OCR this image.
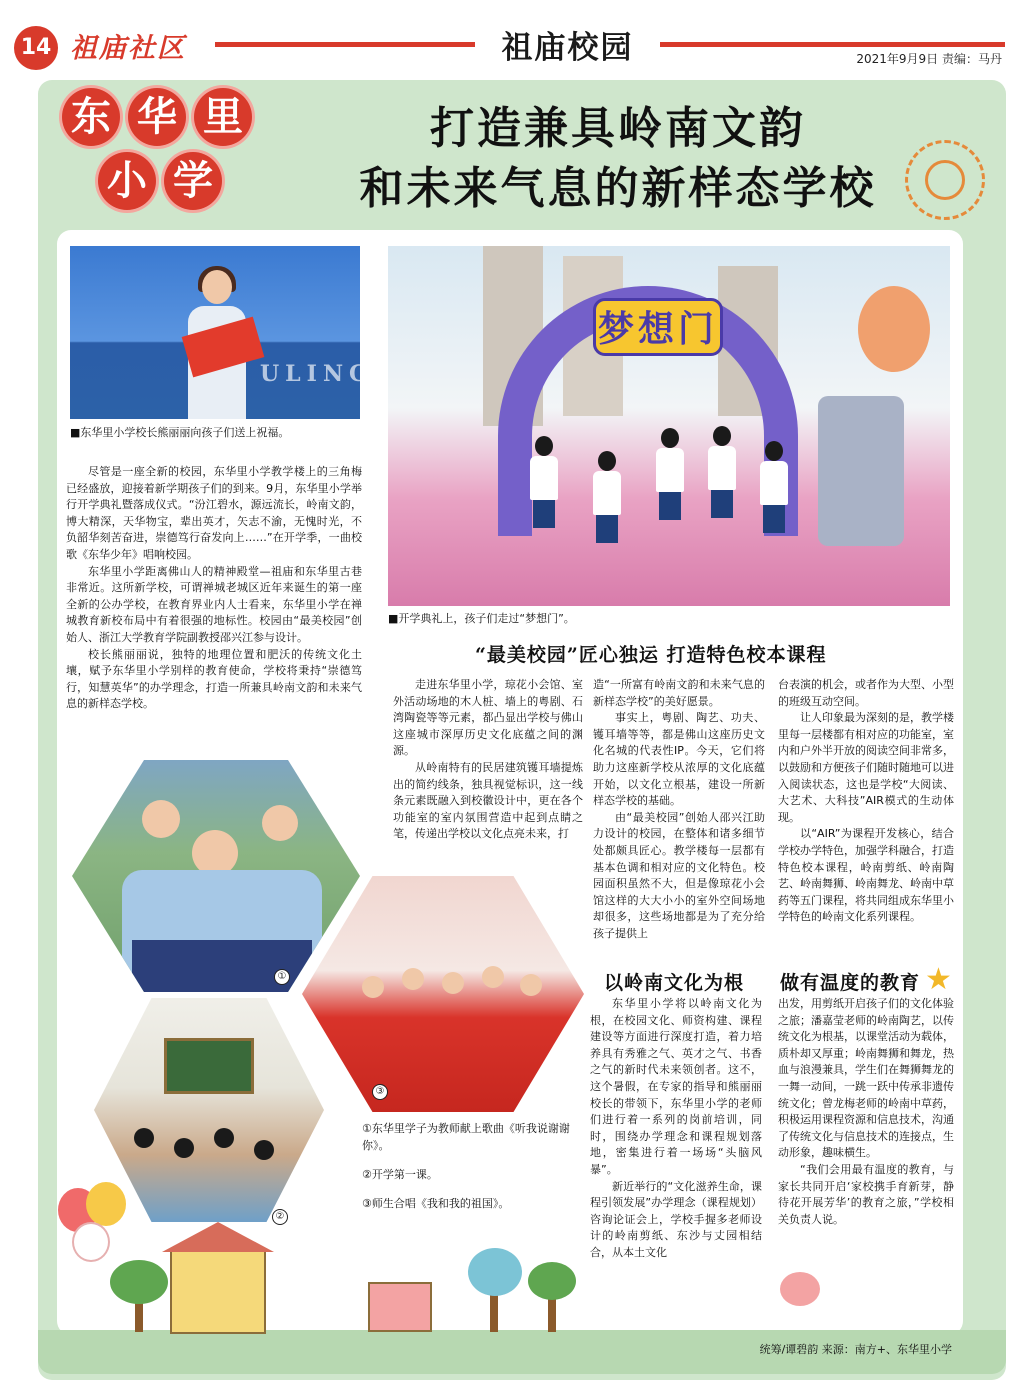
14 祖庙社区	祖庙校园	2021年9月9日 责编：马丹
东 华 里
小 学
打造兼具岭南文韵
和未来气息的新样态学校
ULING
■东华里小学校长熊丽丽向孩子们送上祝福。
梦想门
■开学典礼上，孩子们走过“梦想门”。

尽管是一座全新的校园，东华里小学教学楼上的三角梅已经盛放，迎接着新学期孩子们的到来。9月，东华里小学举行开学典礼暨落成仪式。“汾江碧水，源远流长，岭南文韵，博大精深，天华物宝，辈出英才，矢志不渝，无愧时光，不负韶华刻苦奋进，崇德笃行奋发向上……”在开学季，一曲校歌《东华少年》唱响校园。

东华里小学距离佛山人的精神殿堂—祖庙和东华里古巷非常近。这所新学校，可谓禅城老城区近年来诞生的第一座全新的公办学校，在教育界业内人士看来，东华里小学在禅城教育新校布局中有着很强的地标性。校园由“最美校园”创始人、浙江大学教育学院副教授邵兴江参与设计。

校长熊丽丽说，独特的地理位置和肥沃的传统文化土壤，赋予东华里小学别样的教育使命，学校将秉持“崇德笃行，知慧英华”的办学理念，打造一所兼具岭南文韵和未来气息的新样态学校。

“最美校园”匠心独运 打造特色校本课程

走进东华里小学，琼花小会馆、室外活动场地的木人桩、墙上的粤剧、石湾陶瓷等等元素，都凸显出学校与佛山这座城市深厚历史文化底蕴之间的渊源。

从岭南特有的民居建筑镬耳墙提炼出的简约线条，独具视觉标识，这一线条元素既融入到校徽设计中，更在各个功能室的室内氛围营造中起到点睛之笔，传递出学校以文化点亮未来，打

造“一所富有岭南文韵和未来气息的新样态学校”的美好愿景。

事实上，粤剧、陶艺、功夫、镬耳墙等等，都是佛山这座历史文化名城的代表性IP。今天，它们将助力这座新学校从浓厚的文化底蕴开始，以文化立根基，建设一所新样态学校的基础。

由“最美校园”创始人邵兴江助力设计的校园，在整体和诸多细节处都颇具匠心。教学楼每一层都有基本色调和相对应的文化特色。校园面积虽然不大，但是像琼花小会馆这样的大大小小的室外空间场地却很多，这些场地都是为了充分给孩子提供上

台表演的机会，或者作为大型、小型的班级互动空间。

让人印象最为深刻的是，教学楼里每一层楼都有相对应的功能室，室内和户外半开放的阅读空间非常多，以鼓励和方便孩子们随时随地可以进入阅读状态，这也是学校“大阅读、大艺术、大科技”AIR模式的生动体现。

以“AIR”为课程开发核心，结合学校办学特色，加强学科融合，打造特色校本课程，岭南剪纸、岭南陶艺、岭南舞狮、岭南舞龙、岭南中草药等五门课程，将共同组成东华里小学特色的岭南文化系列课程。

①
③
②
①东华里学子为教师献上歌曲《听我说谢谢你》。
②开学第一课。
③师生合唱《我和我的祖国》。
以岭南文化为根 做有温度的教育 ★

东华里小学将以岭南文化为根，在校园文化、师资构建、课程建设等方面进行深度打造，着力培养具有秀雅之气、英才之气、书香之气的新时代未来领创者。这不，这个暑假，在专家的指导和熊丽丽校长的带领下，东华里小学的老师们进行着一系列的岗前培训，同时，围绕办学理念和课程规划落地，密集进行着一场场“头脑风暴”。

新近举行的“文化滋养生命，课程引领发展”办学理念（课程规划）咨询论证会上，学校手握多老师设计的岭南剪纸、东沙与丈园相结合，从本土文化

出发，用剪纸开启孩子们的文化体验之旅；潘嘉莹老师的岭南陶艺，以传统文化为根基，以课堂活动为载体，质朴却又厚重；岭南舞狮和舞龙，热血与浪漫兼具，学生们在舞狮舞龙的一舞一动间，一跳一跃中传承非遗传统文化；曾龙梅老师的岭南中草药，积极运用课程资源和信息技术，沟通了传统文化与信息技术的连接点，生动形象，趣味横生。

“我们会用最有温度的教育，与家长共同开启‘家校携手育新芽，静待花开展芳华’的教育之旅，”学校相关负责人说。

统筹/谭碧韵 来源：南方+、东华里小学
